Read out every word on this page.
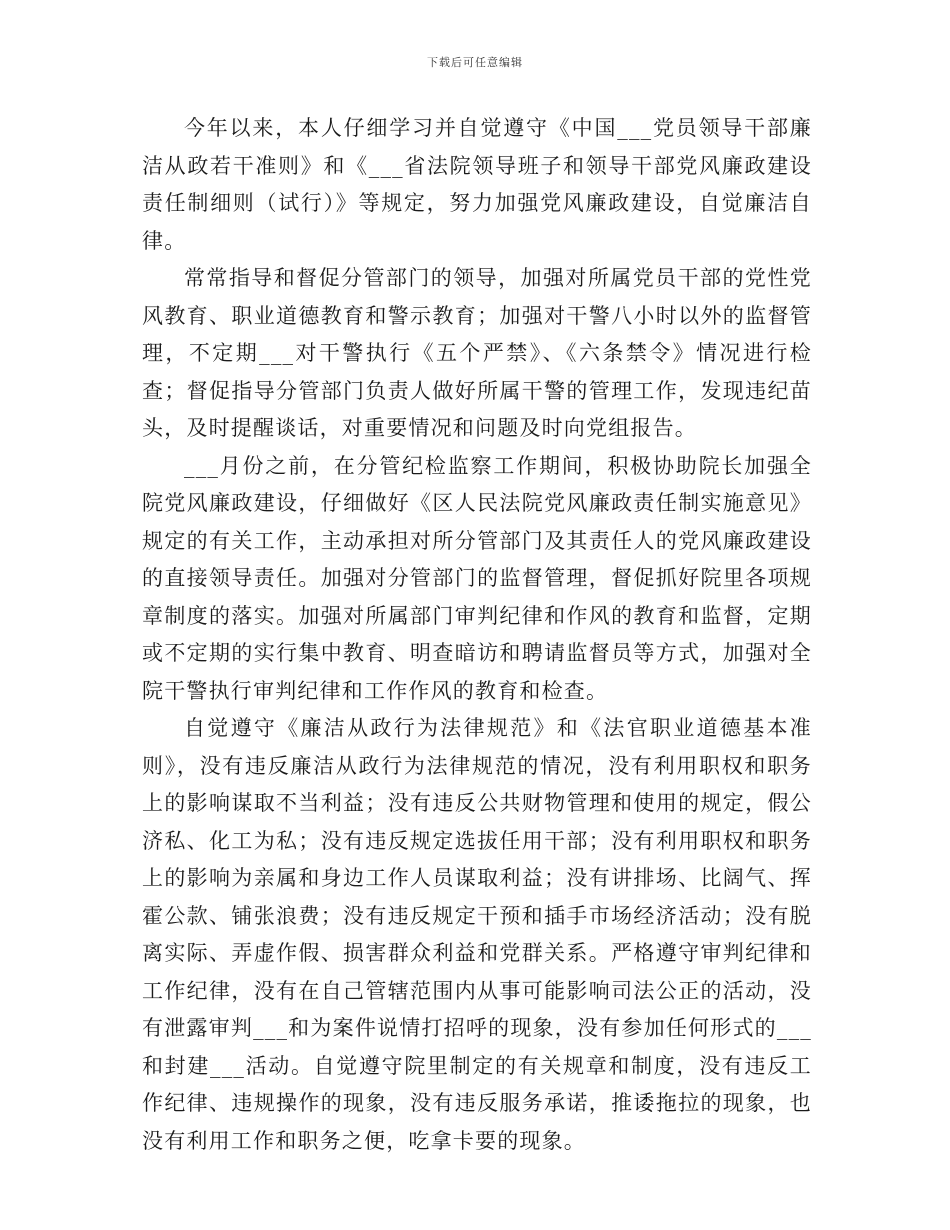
下载后可任意编辑

今年以来，本人仔细学习并自觉遵守《中国___党员领导干部廉洁从政若干准则》和《___省法院领导班子和领导干部党风廉政建设责任制细则（试行）》等规定，努力加强党风廉政建设，自觉廉洁自律。

常常指导和督促分管部门的领导，加强对所属党员干部的党性党风教育、职业道德教育和警示教育；加强对干警八小时以外的监督管理，不定期___对干警执行《五个严禁》、《六条禁令》情况进行检查；督促指导分管部门负责人做好所属干警的管理工作，发现违纪苗头，及时提醒谈话，对重要情况和问题及时向党组报告。

___月份之前，在分管纪检监察工作期间，积极协助院长加强全院党风廉政建设，仔细做好《区人民法院党风廉政责任制实施意见》规定的有关工作，主动承担对所分管部门及其责任人的党风廉政建设的直接领导责任。加强对分管部门的监督管理，督促抓好院里各项规章制度的落实。加强对所属部门审判纪律和作风的教育和监督，定期或不定期的实行集中教育、明查暗访和聘请监督员等方式，加强对全院干警执行审判纪律和工作作风的教育和检查。

自觉遵守《廉洁从政行为法律规范》和《法官职业道德基本准则》，没有违反廉洁从政行为法律规范的情况，没有利用职权和职务上的影响谋取不当利益；没有违反公共财物管理和使用的规定，假公济私、化工为私；没有违反规定选拔任用干部；没有利用职权和职务上的影响为亲属和身边工作人员谋取利益；没有讲排场、比阔气、挥霍公款、铺张浪费；没有违反规定干预和插手市场经济活动；没有脱离实际、弄虚作假、损害群众利益和党群关系。严格遵守审判纪律和工作纪律，没有在自己管辖范围内从事可能影响司法公正的活动，没有泄露审判___和为案件说情打招呼的现象，没有参加任何形式的___和封建___活动。自觉遵守院里制定的有关规章和制度，没有违反工作纪律、违规操作的现象，没有违反服务承诺，推诿拖拉的现象，也没有利用工作和职务之便，吃拿卡要的现象。
